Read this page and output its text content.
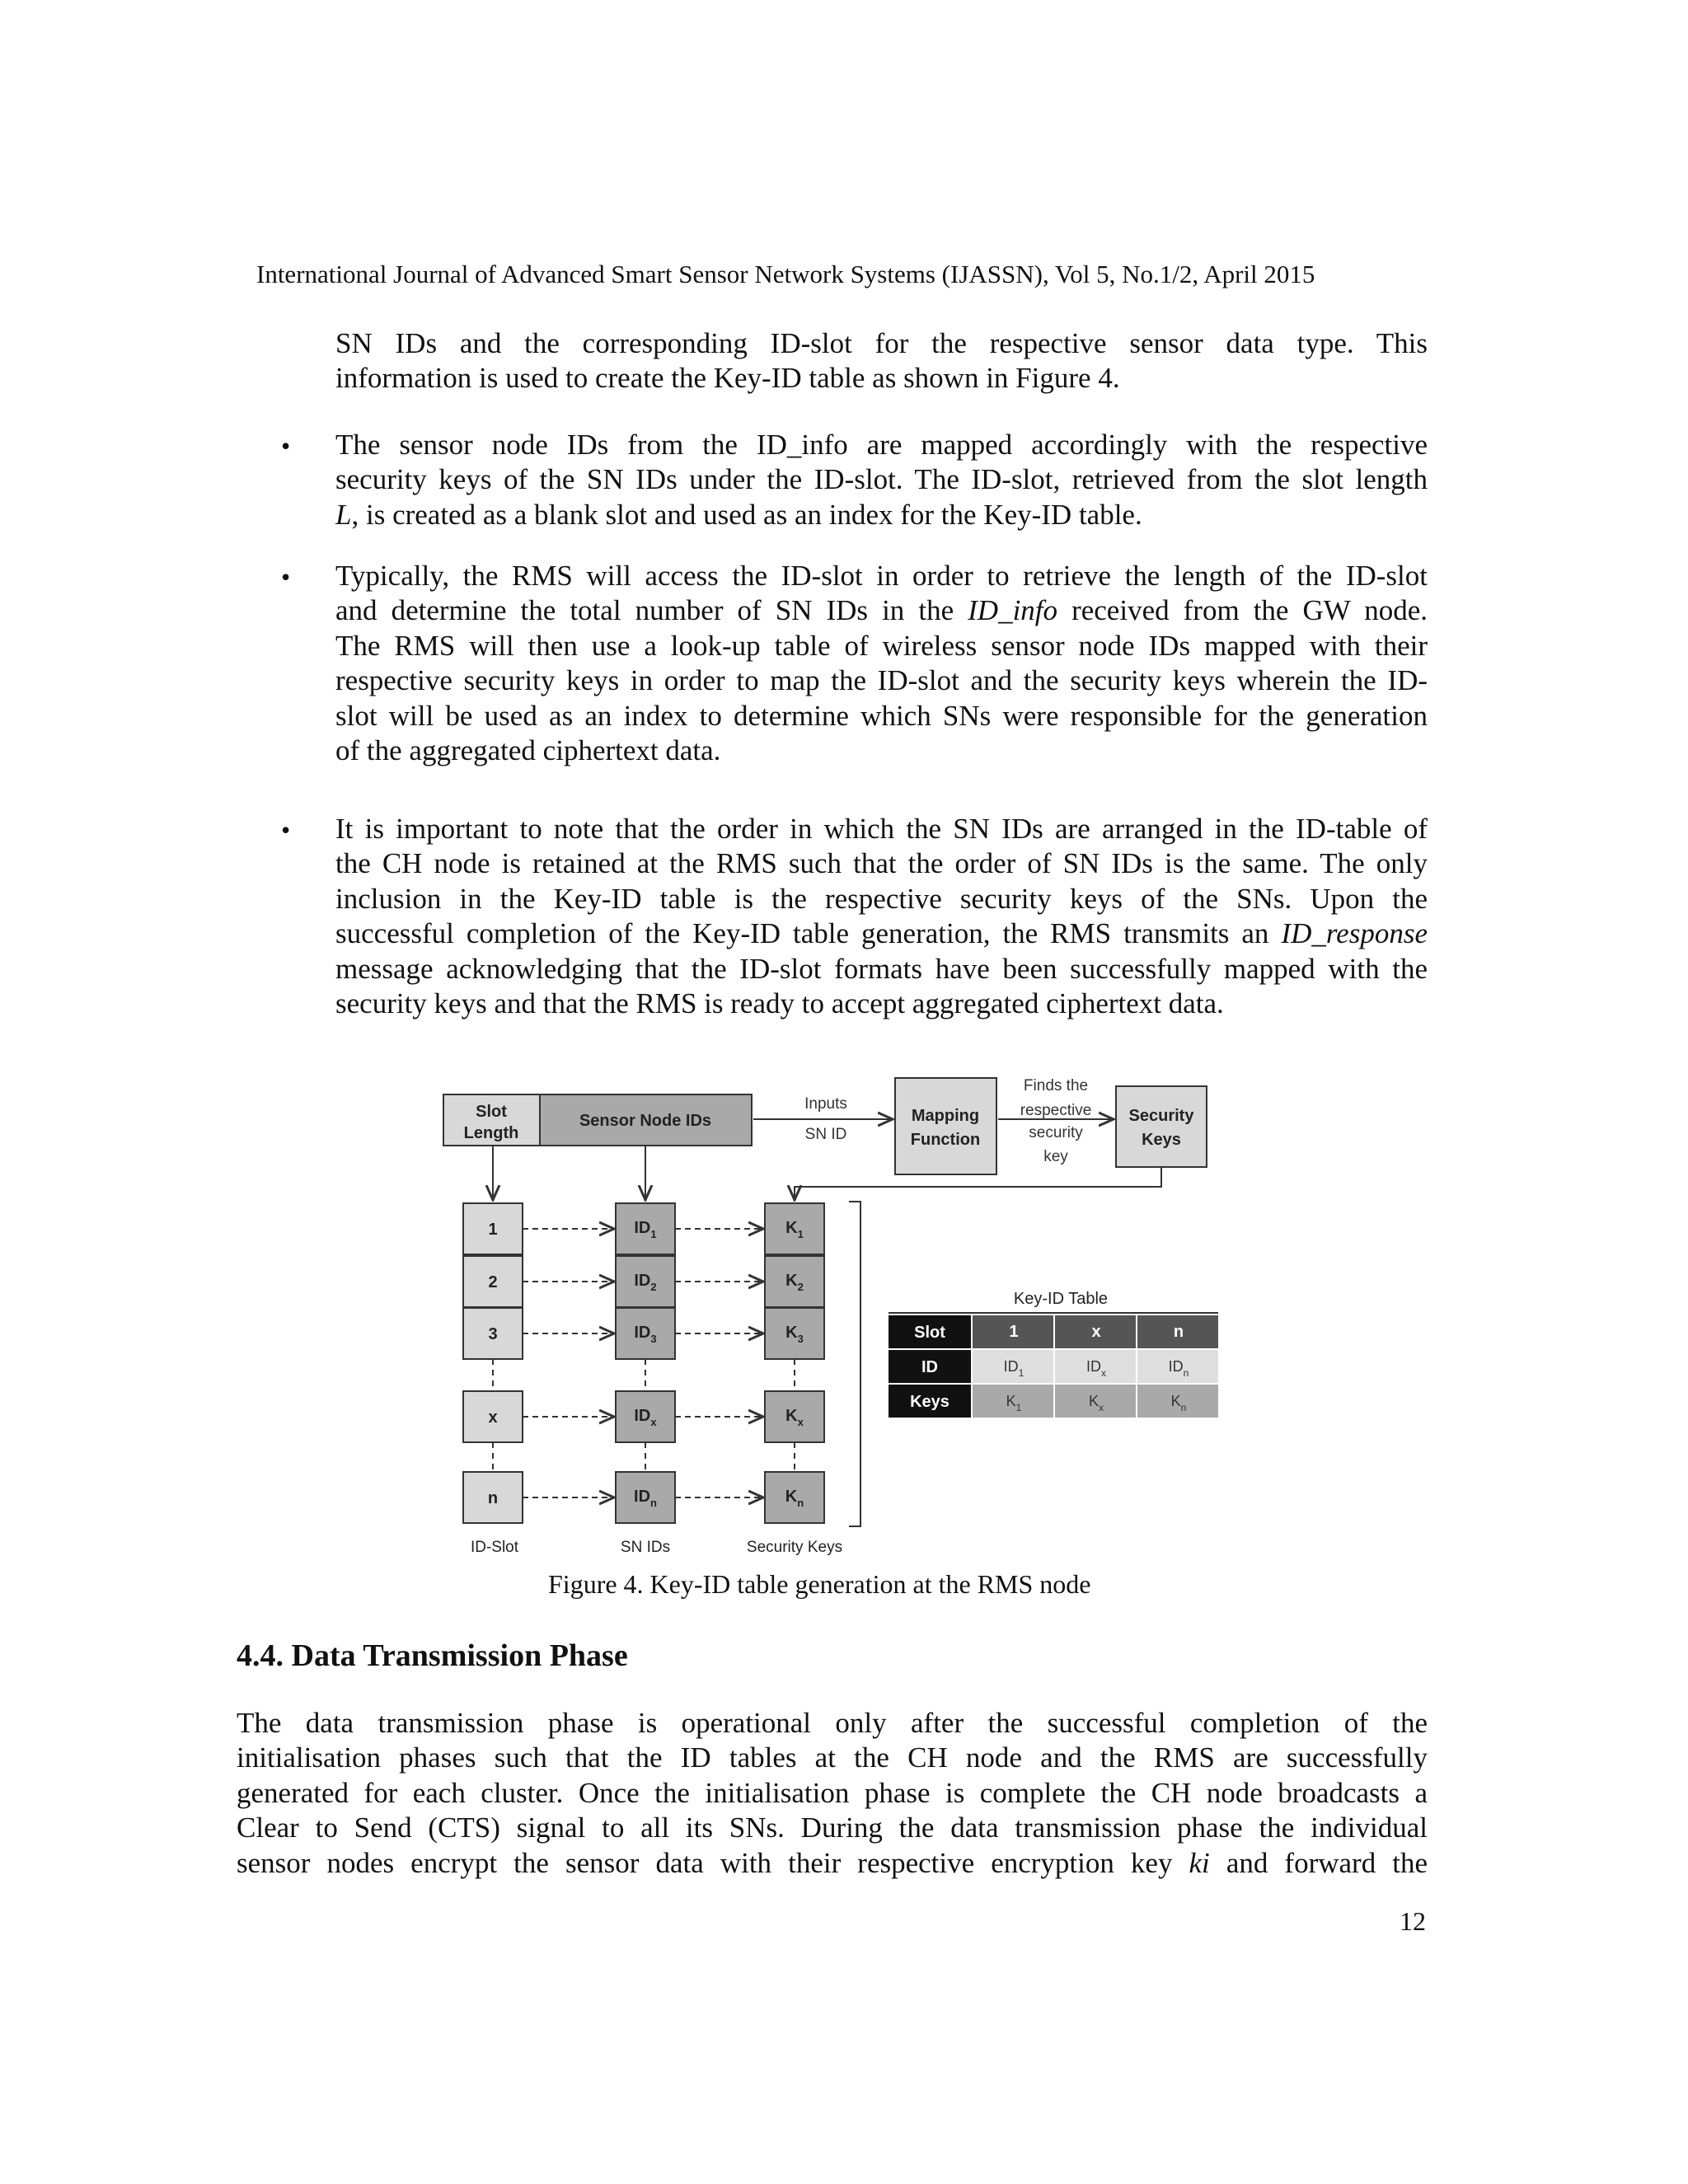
International Journal of Advanced Smart Sensor Network Systems (IJASSN), Vol 5, No.1/2, April 2015
SN IDs and the corresponding ID-slot for the respective sensor data type. This
information is used to create the Key-ID table as shown in Figure 4.
• The sensor node IDs from the ID_info are mapped accordingly with the respective
security keys of the SN IDs under the ID-slot. The ID-slot, retrieved from the slot length
L, is created as a blank slot and used as an index for the Key-ID table.
• Typically, the RMS will access the ID-slot in order to retrieve the length of the ID-slot
and determine the total number of SN IDs in the ID_info received from the GW node.
The RMS will then use a look-up table of wireless sensor node IDs mapped with their
respective security keys in order to map the ID-slot and the security keys wherein the ID-
slot will be used as an index to determine which SNs were responsible for the generation
of the aggregated ciphertext data.
• It is important to note that the order in which the SN IDs are arranged in the ID-table of
the CH node is retained at the RMS such that the order of SN IDs is the same. The only
inclusion in the Key-ID table is the respective security keys of the SNs. Upon the
successful completion of the Key-ID table generation, the RMS transmits an ID_response
message acknowledging that the ID-slot formats have been successfully mapped with the
security keys and that the RMS is ready to accept aggregated ciphertext data.
Slot
Length
Sensor Node IDs
Inputs
SN ID
Mapping
Function
Finds the
respective
security
key
Security
Keys
1	$ID_1$	$K_1$
2	$ID_2$	$K_2$
3	$ID_3$	$K_3$
x	$ID_x$	$K_x$
n	$ID_n$	$K_n$
ID-Slot	SN IDs	Security Keys
Key-ID Table
Slot	1	x	n
ID	$ID_1$	$ID_x$	$ID_n$
Keys	$K_1$	$K_x$	$K_n$
Figure 4. Key-ID table generation at the RMS node
4.4. Data Transmission Phase
The data transmission phase is operational only after the successful completion of the
initialisation phases such that the ID tables at the CH node and the RMS are successfully
generated for each cluster. Once the initialisation phase is complete the CH node broadcasts a
Clear to Send (CTS) signal to all its SNs. During the data transmission phase the individual
sensor nodes encrypt the sensor data with their respective encryption key ki and forward the
12
